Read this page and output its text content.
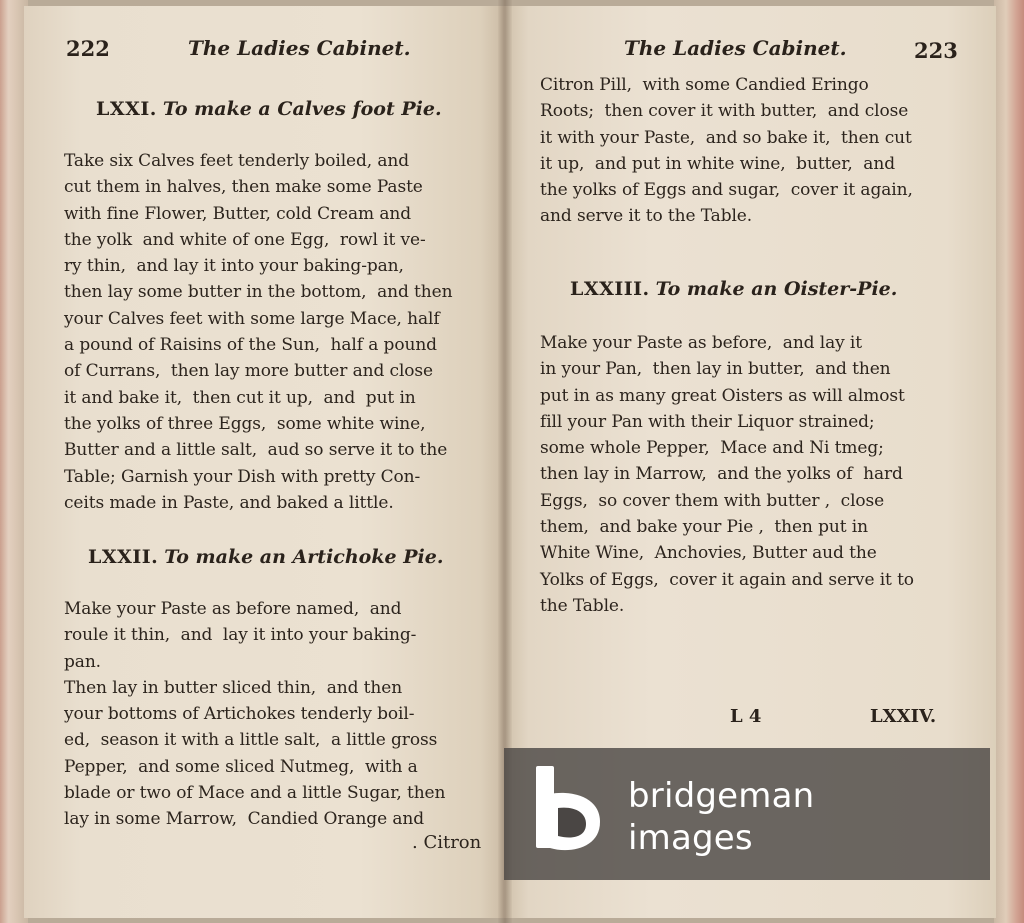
222	The Ladies Cabinet.
LXXI. To make a Calves foot Pie.
Take six Calves feet tenderly boiled, and
cut them in halves, then make some Paste
with fine Flower, Butter, cold Cream and
the yolk  and white of one Egg,  rowl it ve-
ry thin,  and lay it into your baking-pan,
then lay some butter in the bottom,  and then
your Calves feet with some large Mace, half
a pound of Raisins of the Sun,  half a pound
of Currans,  then lay more butter and close
it and bake it,  then cut it up,  and  put in
the yolks of three Eggs,  some white wine,
Butter and a little salt,  aud so serve it to the
Table; Garnish your Dish with pretty Con-
ceits made in Paste, and baked a little.
LXXII. To make an Artichoke Pie.
Make your Paste as before named,  and
roule it thin,  and  lay it into your baking-
pan.
Then lay in butter sliced thin,  and then
your bottoms of Artichokes tenderly boil-
ed,  season it with a little salt,  a little gross
Pepper,  and some sliced Nutmeg,  with a
blade or two of Mace and a little Sugar, then
lay in some Marrow,  Candied Orange and
. Citron
The Ladies Cabinet.	223
Citron Pill,  with some Candied Eringo
Roots;  then cover it with butter,  and close
it with your Paste,  and so bake it,  then cut
it up,  and put in white wine,  butter,  and
the yolks of Eggs and sugar,  cover it again,
and serve it to the Table.
LXXIII. To make an Oister-Pie.
Make your Paste as before,  and lay it
in your Pan,  then lay in butter,  and then
put in as many great Oisters as will almost
fill your Pan with their Liquor strained;
some whole Pepper,  Mace and Ni tmeg;
then lay in Marrow,  and the yolks of  hard
Eggs,  so cover them with butter ,  close
them,  and bake your Pie ,  then put in
White Wine,  Anchovies, Butter aud the
Yolks of Eggs,  cover it again and serve it to
the Table.
L 4	LXXIV.
bridgeman
images
